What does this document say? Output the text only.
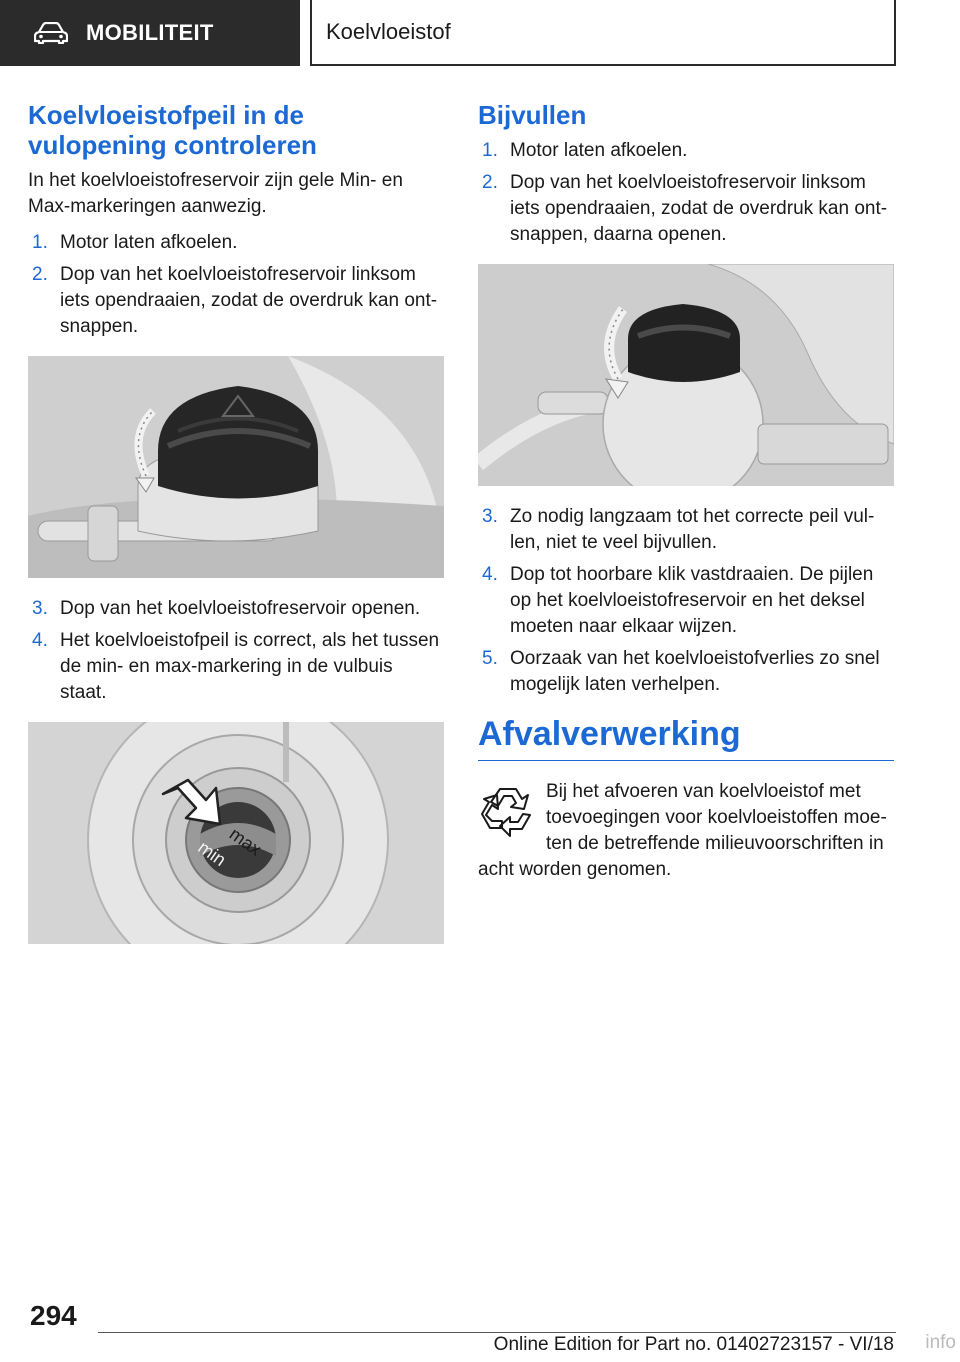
MOBILITEIT	Koelvloeistof
Koelvloeistofpeil in de vulopening controleren

In het koelvloeistofreservoir zijn gele Min- en Max-markeringen aanwezig.

1. Motor laten afkoelen.
2. Dop van het koelvloeistofreservoir linksom iets opendraaien, zodat de overdruk kan ontsnappen.
3. Dop van het koelvloeistofreservoir openen.
4. Het koelvloeistofpeil is correct, als het tussen de min- en max-markering in de vulbuis staat.
max
min
Bijvullen
1. Motor laten afkoelen.
2. Dop van het koelvloeistofreservoir linksom iets opendraaien, zodat de overdruk kan ontsnappen, daarna openen.
3. Zo nodig langzaam tot het correcte peil vullen, niet te veel bijvullen.
4. Dop tot hoorbare klik vastdraaien. De pijlen op het koelvloeistofreservoir en het deksel moeten naar elkaar wijzen.
5. Oorzaak van het koelvloeistofverlies zo snel mogelijk laten verhelpen.
Afvalverwerking

Bij het afvoeren van koelvloeistof met toevoegingen voor koelvloeistoffen moeten de betreffende milieuvoorschriften in acht worden genomen.

294
Online Edition for Part no. 01402723157 - VI/18 info
